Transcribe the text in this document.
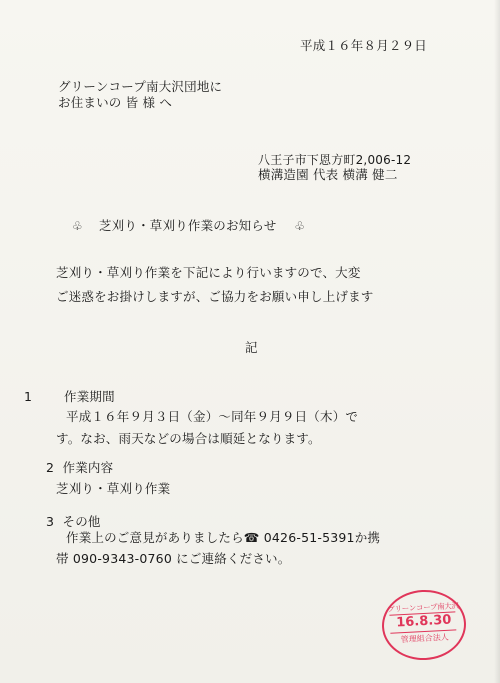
平成１６年８月２９日
グリーンコープ南大沢団地に
お住まいの 皆 様 へ
八王子市下恩方町2,006-12
横溝造園 代表 横溝 健二
♧ 芝刈り・草刈り作業のお知らせ ♧
芝刈り・草刈り作業を下記により行いますので、大変
ご迷惑をお掛けしますが、ご協力をお願い申し上げます
記
1	作業期間
平成１６年９月３日（金）～同年９月９日（木）で
す。なお、雨天などの場合は順延となります。
2 作業内容
芝刈り・草刈り作業
3 その他
作業上のご意見がありましたら☎ 0426-51-5391か携
帯 090-9343-0760 にご連絡ください。
グリーンコープ南大沢
16.8.30
管理組合法人
